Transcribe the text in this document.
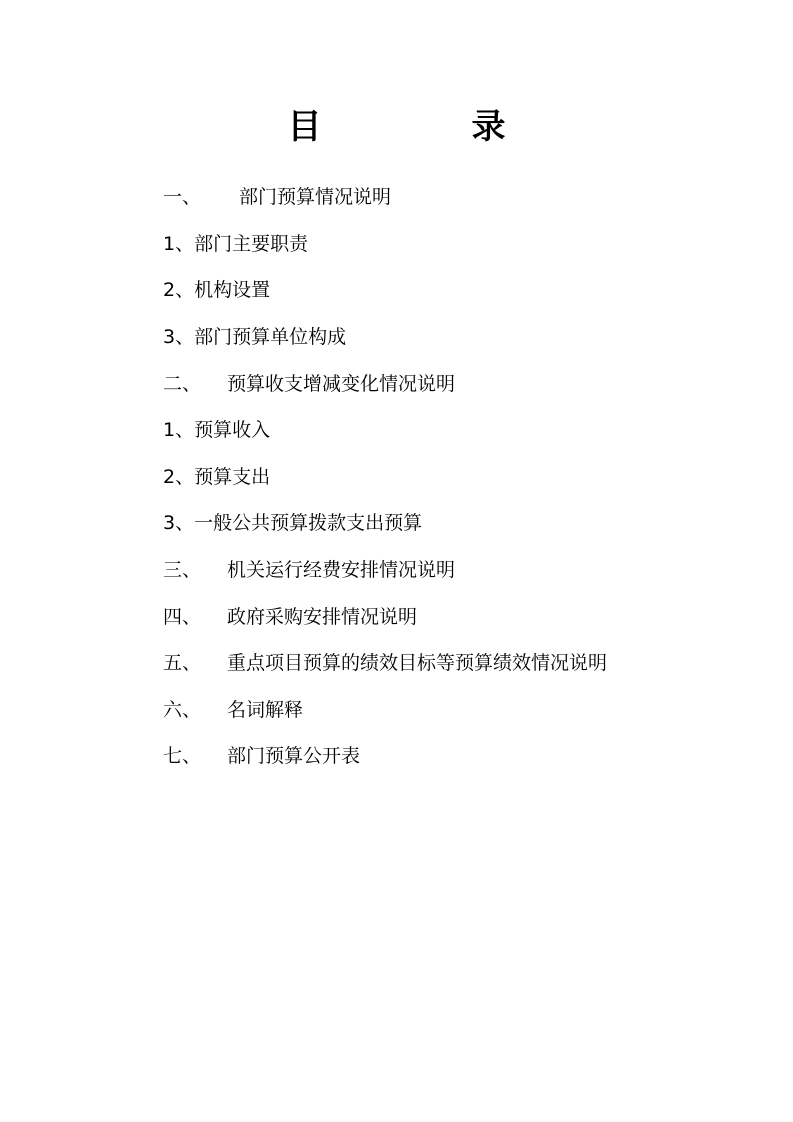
目　录
一、	部门预算情况说明
1、 部门主要职责
2、 机构设置
3、 部门预算单位构成
二、	预算收支增减变化情况说明
1、 预算收入
2、 预算支出
3、 一般公共预算拨款支出预算
三、	机关运行经费安排情况说明
四、	政府采购安排情况说明
五、	重点项目预算的绩效目标等预算绩效情况说明
六、	名词解释
七、	部门预算公开表
